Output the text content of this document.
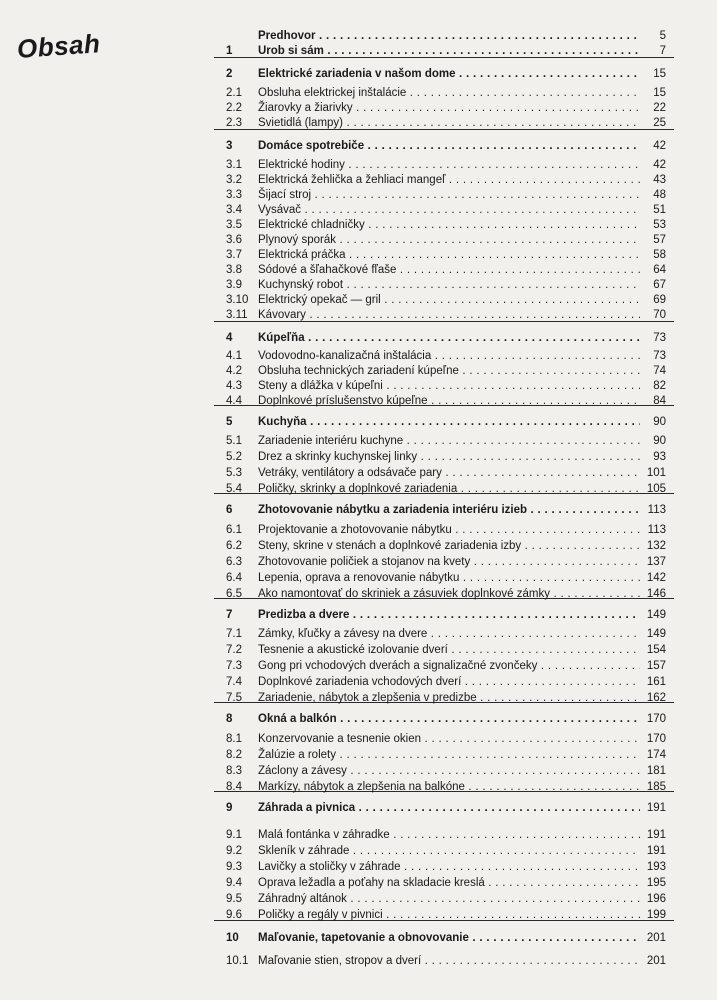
Obsah	Predhovor . . .	5
1	Urob si sám . . .	7
2	Elektrické zariadenia v našom dome . . .	15
2.1	Obsluha elektrickej inštalácie . . .	15
2.2	Žiarovky a žiarivky . . .	22
2.3	Svietidlá (lampy) . . .	25
3	Domáce spotrebiče . . .	42
3.1	Elektrické hodiny . . .	42
3.2	Elektrická žehlička a žehliaci mangeľ . . .	43
3.3	Šijací stroj . . .	48
3.4	Vysávač . . .	51
3.5	Elektrické chladničky . . .	53
3.6	Plynový sporák . . .	57
3.7	Elektrická práčka . . .	58
3.8	Sódové a šľahačkové fľaše . . .	64
3.9	Kuchynský robot . . .	67
3.10 Elektrický opekač — gril . . .	69
3.11 Kávovary . . .	70
4	Kúpeľňa . . .	73
4.1	Vodovodno-kanalizačná inštalácia . . .	73
4.2	Obsluha technických zariadení kúpeľne . . .	74
4.3	Steny a dlážka v kúpeľni . . .	82
4.4	Doplnkové príslušenstvo kúpeľne . . .	84
5	Kuchyňa . . .	90
5.1	Zariadenie interiéru kuchyne . . .	90
5.2	Drez a skrinky kuchynskej linky . . .	93
5.3	Vetráky, ventilátory a odsávače pary . . .	101
5.4	Poličky, skrinky a doplnkové zariadenia . . .	105
6	Zhotovovanie nábytku a zariadenia interiéru izieb . . .	113
6.1	Projektovanie a zhotovovanie nábytku . . .	113
6.2	Steny, skrine v stenách a doplnkové zariadenia izby . . .	132
6.3	Zhotovovanie poličiek a stojanov na kvety . . .	137
6.4	Lepenia, oprava a renovovanie nábytku . . .	142
6.5	Ako namontovať do skriniek a zásuviek doplnkové zámky . . .	146
7	Predizba a dvere . . .	149
7.1	Zámky, kľučky a závesy na dvere . . .	149
7.2	Tesnenie a akustické izolovanie dverí . . .	154
7.3	Gong pri vchodových dverách a signalizačné zvončeky . . .	157
7.4	Doplnkové zariadenia vchodových dverí . . .	161
7.5	Zariadenie, nábytok a zlepšenia v predizbe . . .	162
8	Okná a balkón . . .	170
8.1	Konzervovanie a tesnenie okien . . .	170
8.2	Žalúzie a rolety . . .	174
8.3	Záclony a závesy . . .	181
8.4	Markízy, nábytok a zlepšenia na balkóne . . .	185
9	Záhrada a pivnica . . .	191
9.1	Malá fontánka v záhradke . . .	191
9.2	Skleník v záhrade . . .	191
9.3	Lavičky a stoličky v záhrade . . .	193
9.4	Oprava ležadla a poťahy na skladacie kreslá . . .	195
9.5	Záhradný altánok . . .	196
9.6	Poličky a regály v pivnici . . .	199
10	Maľovanie, tapetovanie a obnovovanie . . .	201
10.1 Maľovanie stien, stropov a dverí . . .	201
